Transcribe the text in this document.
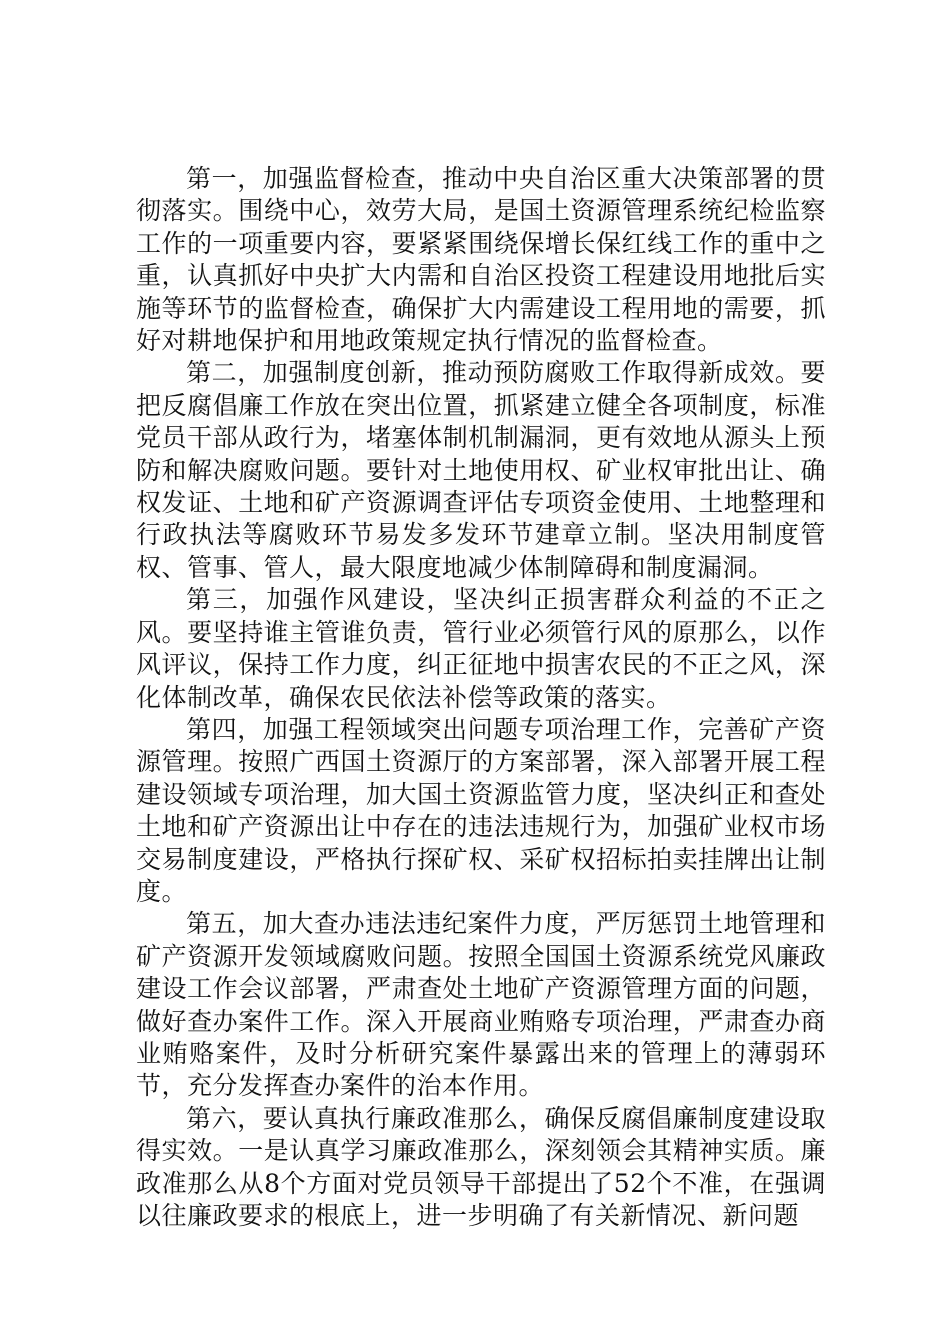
第一，加强监督检查，推动中央自治区重大决策部署的贯彻落实。围绕中心，效劳大局，是国土资源管理系统纪检监察工作的一项重要内容，要紧紧围绕保增长保红线工作的重中之重，认真抓好中央扩大内需和自治区投资工程建设用地批后实施等环节的监督检查，确保扩大内需建设工程用地的需要，抓好对耕地保护和用地政策规定执行情况的监督检查。

第二，加强制度创新，推动预防腐败工作取得新成效。要把反腐倡廉工作放在突出位置，抓紧建立健全各项制度，标准党员干部从政行为，堵塞体制机制漏洞，更有效地从源头上预防和解决腐败问题。要针对土地使用权、矿业权审批出让、确权发证、土地和矿产资源调查评估专项资金使用、土地整理和行政执法等腐败环节易发多发环节建章立制。坚决用制度管权、管事、管人，最大限度地减少体制障碍和制度漏洞。

第三，加强作风建设，坚决纠正损害群众利益的不正之风。要坚持谁主管谁负责，管行业必须管行风的原那么，以作风评议，保持工作力度，纠正征地中损害农民的不正之风，深化体制改革，确保农民依法补偿等政策的落实。

第四，加强工程领域突出问题专项治理工作，完善矿产资源管理。按照广西国土资源厅的方案部署，深入部署开展工程建设领域专项治理，加大国土资源监管力度，坚决纠正和查处土地和矿产资源出让中存在的违法违规行为，加强矿业权市场交易制度建设，严格执行探矿权、采矿权招标拍卖挂牌出让制度。

第五，加大查办违法违纪案件力度，严厉惩罚土地管理和矿产资源开发领域腐败问题。按照全国国土资源系统党风廉政建设工作会议部署，严肃查处土地矿产资源管理方面的问题，做好查办案件工作。深入开展商业贿赂专项治理，严肃查办商业贿赂案件，及时分析研究案件暴露出来的管理上的薄弱环节，充分发挥查办案件的治本作用。

第六，要认真执行廉政准那么，确保反腐倡廉制度建设取得实效。一是认真学习廉政准那么，深刻领会其精神实质。廉政准那么从8个方面对党员领导干部提出了52个不准，在强调以往廉政要求的根底上，进一步明确了有关新情况、新问题
